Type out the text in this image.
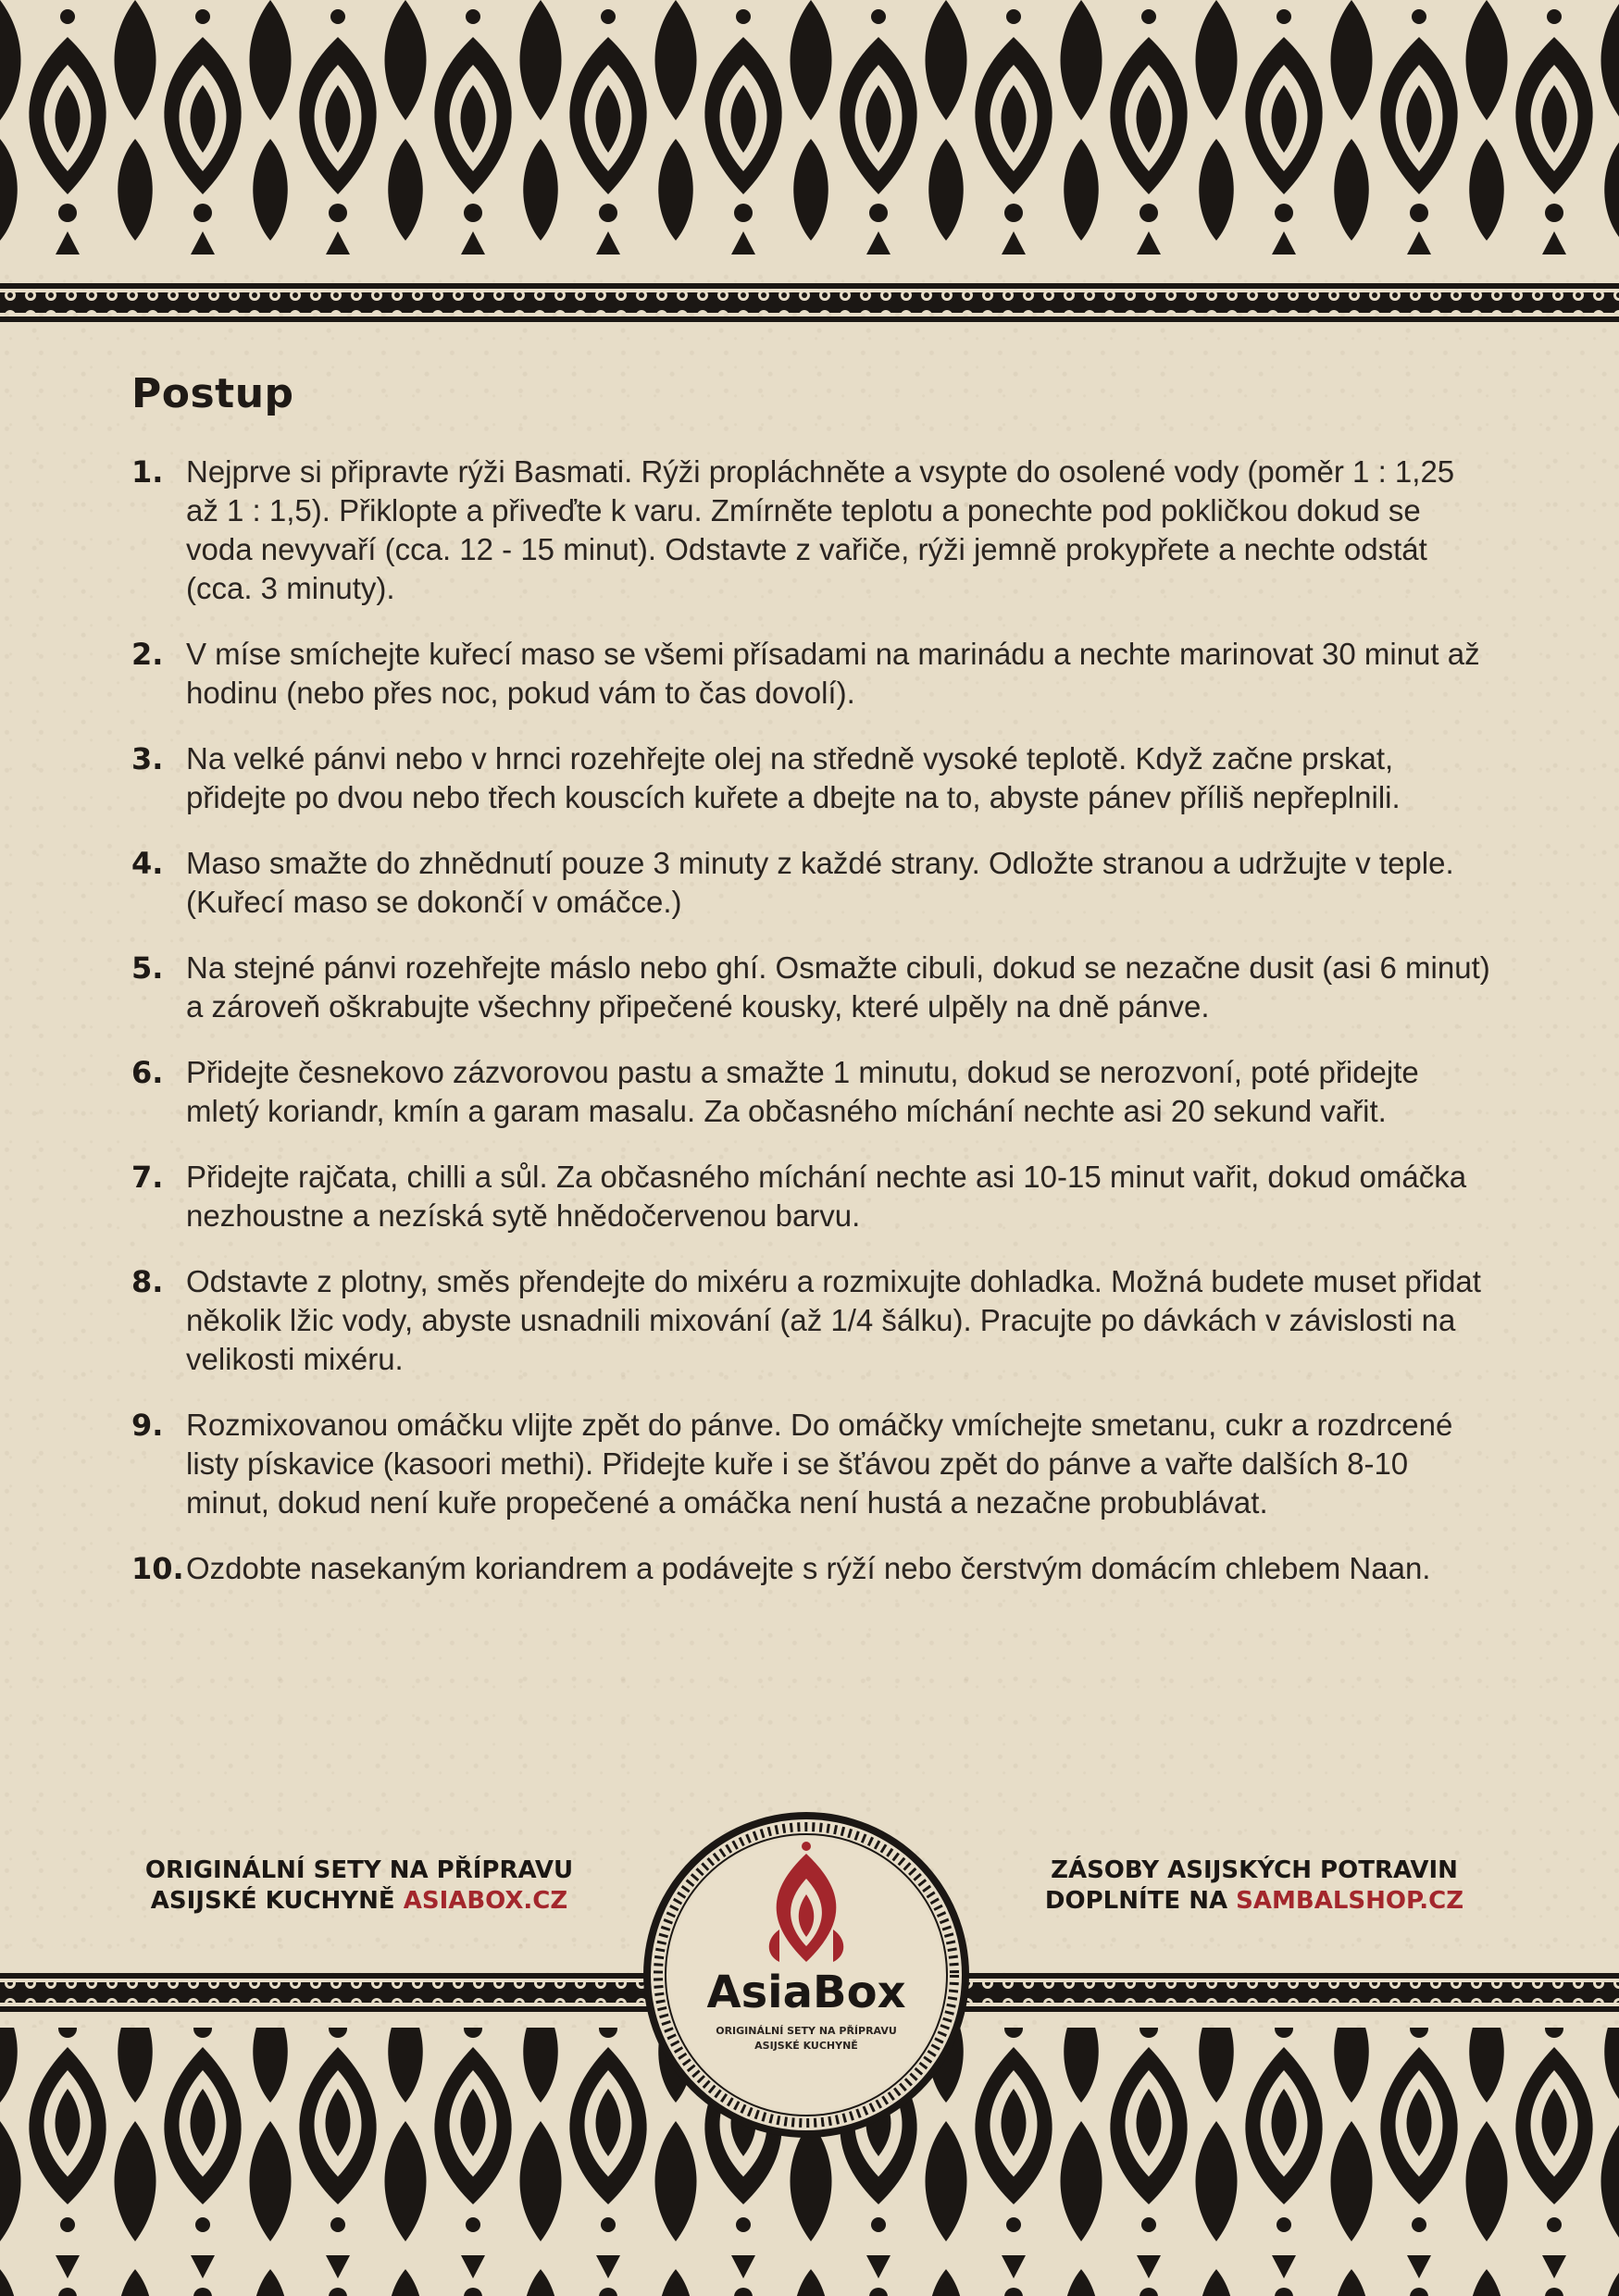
Postup
1. Nejprve si připravte rýži Basmati. Rýži propláchněte a vsypte do osolené vody (poměr 1 : 1,25 až 1 : 1,5). Přiklopte a přiveďte k varu. Zmírněte teplotu a ponechte pod pokličkou dokud se voda nevyvaří (cca. 12 - 15 minut). Odstavte z vařiče, rýži jemně prokypřete a nechte odstát (cca. 3 minuty).
2. V míse smíchejte kuřecí maso se všemi přísadami na marinádu a nechte marinovat 30 minut až hodinu (nebo přes noc, pokud vám to čas dovolí).
3. Na velké pánvi nebo v hrnci rozehřejte olej na středně vysoké teplotě. Když začne prskat, přidejte po dvou nebo třech kouscích kuřete a dbejte na to, abyste pánev příliš nepřeplnili.
4. Maso smažte do zhnědnutí pouze 3 minuty z každé strany. Odložte stranou a udržujte v teple. (Kuřecí maso se dokončí v omáčce.)
5. Na stejné pánvi rozehřejte máslo nebo ghí. Osmažte cibuli, dokud se nezačne dusit (asi 6 minut) a zároveň oškrabujte všechny připečené kousky, které ulpěly na dně pánve.
6. Přidejte česnekovo zázvorovou pastu a smažte 1 minutu, dokud se nerozvoní, poté přidejte mletý koriandr, kmín a garam masalu. Za občasného míchání nechte asi 20 sekund vařit.
7. Přidejte rajčata, chilli a sůl. Za občasného míchání nechte asi 10-15 minut vařit, dokud omáčka nezhoustne a nezíská sytě hnědočervenou barvu.
8. Odstavte z plotny, směs přendejte do mixéru a rozmixujte dohladka. Možná budete muset přidat několik lžic vody, abyste usnadnili mixování (až 1/4 šálku). Pracujte po dávkách v závislosti na velikosti mixéru.
9. Rozmixovanou omáčku vlijte zpět do pánve. Do omáčky vmíchejte smetanu, cukr a rozdrcené listy pískavice (kasoori methi). Přidejte kuře i se šťávou zpět do pánve a vařte dalších 8-10 minut, dokud není kuře propečené a omáčka není hustá a nezačne probublávat.
10. Ozdobte nasekaným koriandrem a podávejte s rýží nebo čerstvým domácím chlebem Naan.
ORIGINÁLNÍ SETY NA PŘÍPRAVU
ASIJSKÉ KUCHYNĚ ASIABOX.CZ
ZÁSOBY ASIJSKÝCH POTRAVIN
DOPLNÍTE NA SAMBALSHOP.CZ
AsiaBox
ORIGINÁLNÍ SETY NA PŘÍPRAVU
ASIJSKÉ KUCHYNĚ
